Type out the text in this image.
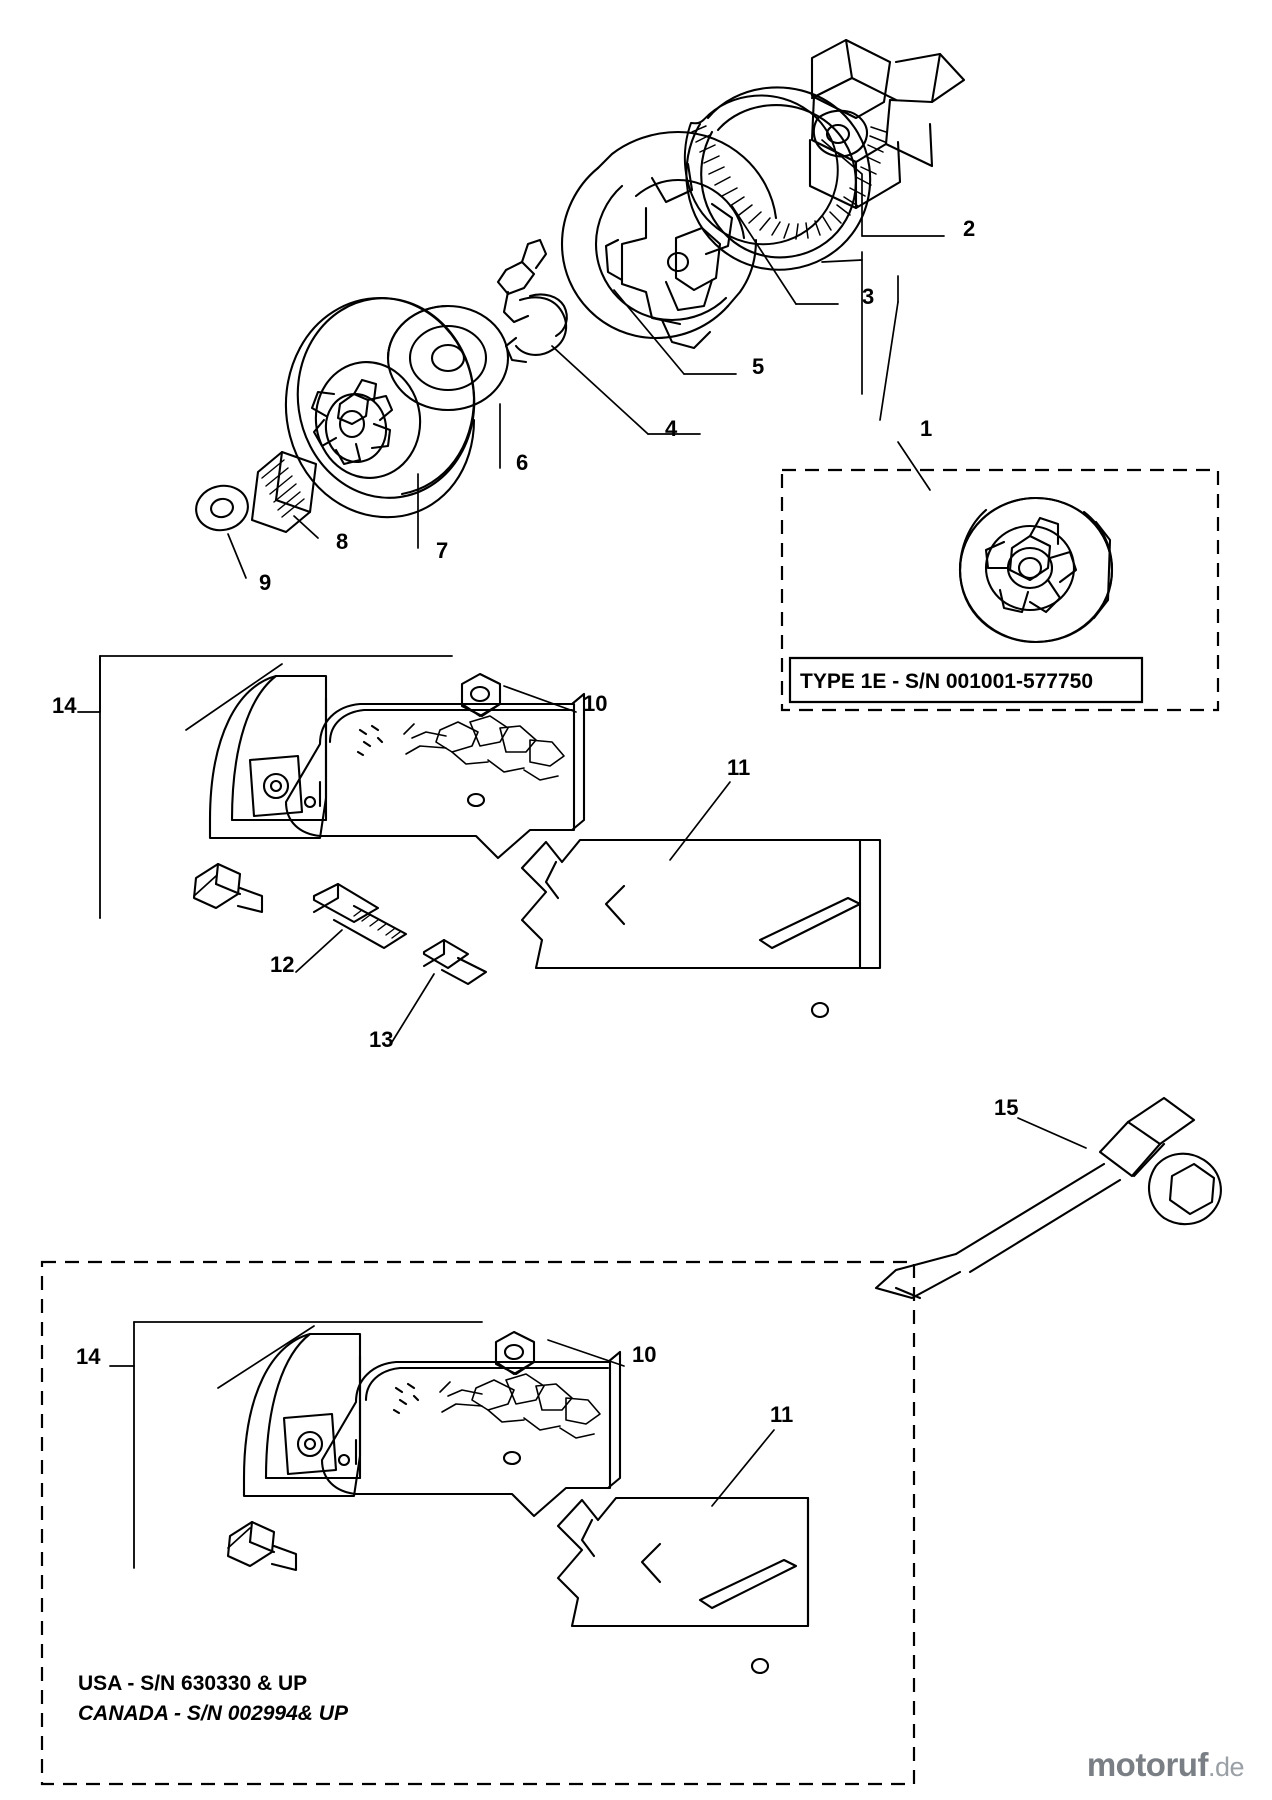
2
3
1
5
4
6
7
8
9
14	10
11
12
13
15
14	10
11
TYPE 1E - S/N 001001-577750
USA - S/N 630330 & UP
CANADA - S/N 002994& UP
motoruf.de
